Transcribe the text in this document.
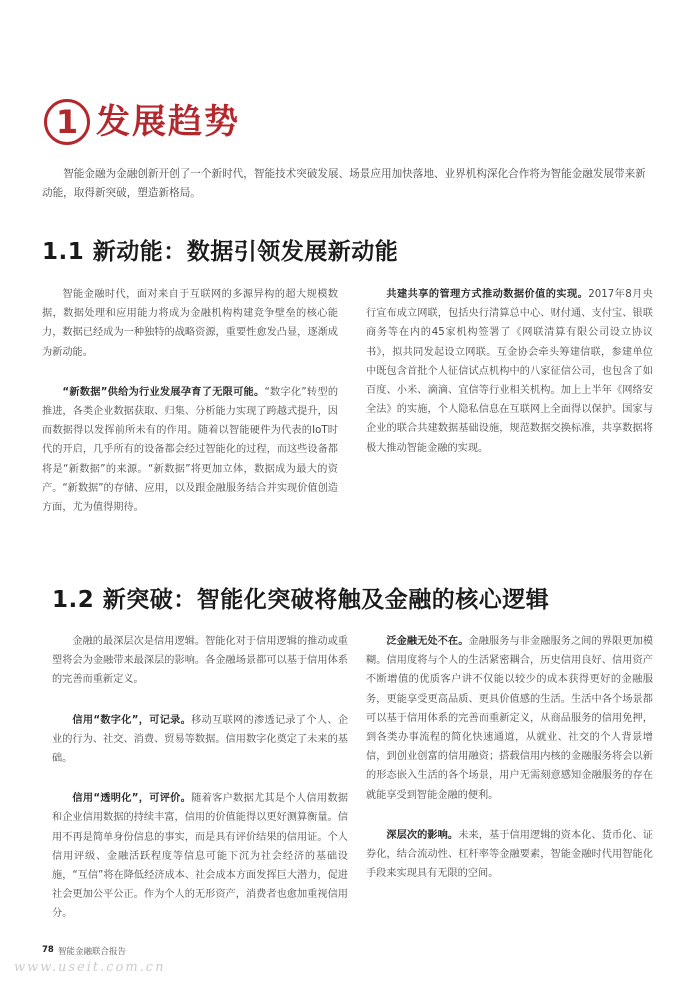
1 发展趋势
智能金融为金融创新开创了一个新时代，智能技术突破发展、场景应用加快落地、业界机构深化合作将为智能金融发展带来新动能，取得新突破，塑造新格局。
1.1 新动能：数据引领发展新动能

智能金融时代，面对来自于互联网的多源异构的超大规模数据，数据处理和应用能力将成为金融机构构建竞争壁垒的核心能力，数据已经成为一种独特的战略资源，重要性愈发凸显，逐渐成为新动能。

“新数据”供给为行业发展孕育了无限可能。“数字化”转型的推进，各类企业数据获取、归集、分析能力实现了跨越式提升，因而数据得以发挥前所未有的作用。随着以智能硬件为代表的IoT时代的开启，几乎所有的设备都会经过智能化的过程，而这些设备都将是“新数据”的来源。“新数据”将更加立体，数据成为最大的资产。“新数据”的存储、应用，以及跟金融服务结合并实现价值创造方面，尤为值得期待。

共建共享的管理方式推动数据价值的实现。2017年8月央行宣布成立网联，包括央行清算总中心、财付通、支付宝、银联商务等在内的45家机构签署了《网联清算有限公司设立协议书》，拟共同发起设立网联。互金协会牵头筹建信联，参建单位中既包含首批个人征信试点机构中的八家征信公司，也包含了如百度、小米、滴滴、宜信等行业相关机构。加上上半年《网络安全法》的实施，个人隐私信息在互联网上全面得以保护。国家与企业的联合共建数据基础设施，规范数据交换标准，共享数据将极大推动智能金融的实现。

1.2 新突破：智能化突破将触及金融的核心逻辑

金融的最深层次是信用逻辑。智能化对于信用逻辑的推动或重塑将会为金融带来最深层的影响。各金融场景都可以基于信用体系的完善而重新定义。

信用“数字化”，可记录。移动互联网的渗透记录了个人、企业的行为、社交、消费、贸易等数据。信用数字化奠定了未来的基础。

信用“透明化”，可评价。随着客户数据尤其是个人信用数据和企业信用数据的持续丰富，信用的价值能得以更好测算衡量。信用不再是简单身份信息的事实，而是具有评价结果的信用证。个人信用评级、金融活跃程度等信息可能下沉为社会经济的基础设施，“互信”将在降低经济成本、社会成本方面发挥巨大潜力，促进社会更加公平公正。作为个人的无形资产，消费者也愈加重视信用分。

泛金融无处不在。金融服务与非金融服务之间的界限更加模糊。信用度将与个人的生活紧密耦合，历史信用良好、信用资产不断增值的优质客户讲不仅能以较少的成本获得更好的金融服务，更能享受更高品质、更具价值感的生活。生活中各个场景都可以基于信用体系的完善而重新定义，从商品服务的信用免押，到各类办事流程的简化快速通道，从就业、社交的个人背景增信，到创业创富的信用融资；搭载信用内核的金融服务将会以新的形态嵌入生活的各个场景，用户无需刻意感知金融服务的存在就能享受到智能金融的便利。

深层次的影响。未来，基于信用逻辑的资本化、货币化、证券化，结合流动性、杠杆率等金融要素，智能金融时代用智能化手段来实现具有无限的空间。

78 智能金融联合报告
www.useit.com.cn
